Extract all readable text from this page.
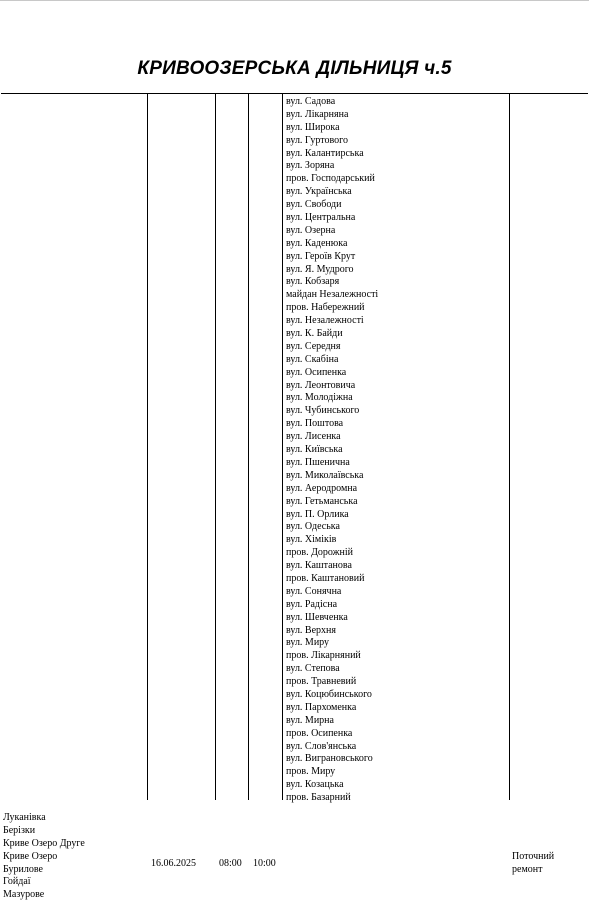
КРИВООЗЕРСЬКА ДІЛЬНИЦЯ ч.5
Луканівка
Берізки
Криве Озеро Друге
Криве Озеро
Бурилове
Гойдаї
Мазурове
16.06.2025 08:00 10:00
вул. Садова
вул. Лікарняна
вул. Широка
вул. Гуртового
вул. Калантирська
вул. Зоряна
пров. Господарський
вул. Українська
вул. Свободи
вул. Центральна
вул. Озерна
вул. Каденюка
вул. Героїв Крут
вул. Я. Мудрого
вул. Кобзаря
майдан Незалежності
пров. Набережний
вул. Незалежності
вул. К. Байди
вул. Середня
вул. Скабіна
вул. Осипенка
вул. Леонтовича
вул. Молодіжна
вул. Чубинського
вул. Поштова
вул. Лисенка
вул. Київська
вул. Пшенична
вул. Миколаївська
вул. Аеродромна
вул. Гетьманська
вул. П. Орлика
вул. Одеська
вул. Хіміків
пров. Дорожній
вул. Каштанова
пров. Каштановий
вул. Сонячна
вул. Радісна
вул. Шевченка
вул. Верхня
вул. Миру
пров. Лікарняний
вул. Степова
пров. Травневий
вул. Коцюбинського
вул. Пархоменка
вул. Мирна
пров. Осипенка
вул. Слов'янська
вул. Виграновського
пров. Миру
вул. Козацька
пров. Базарний
Поточний
ремонт
